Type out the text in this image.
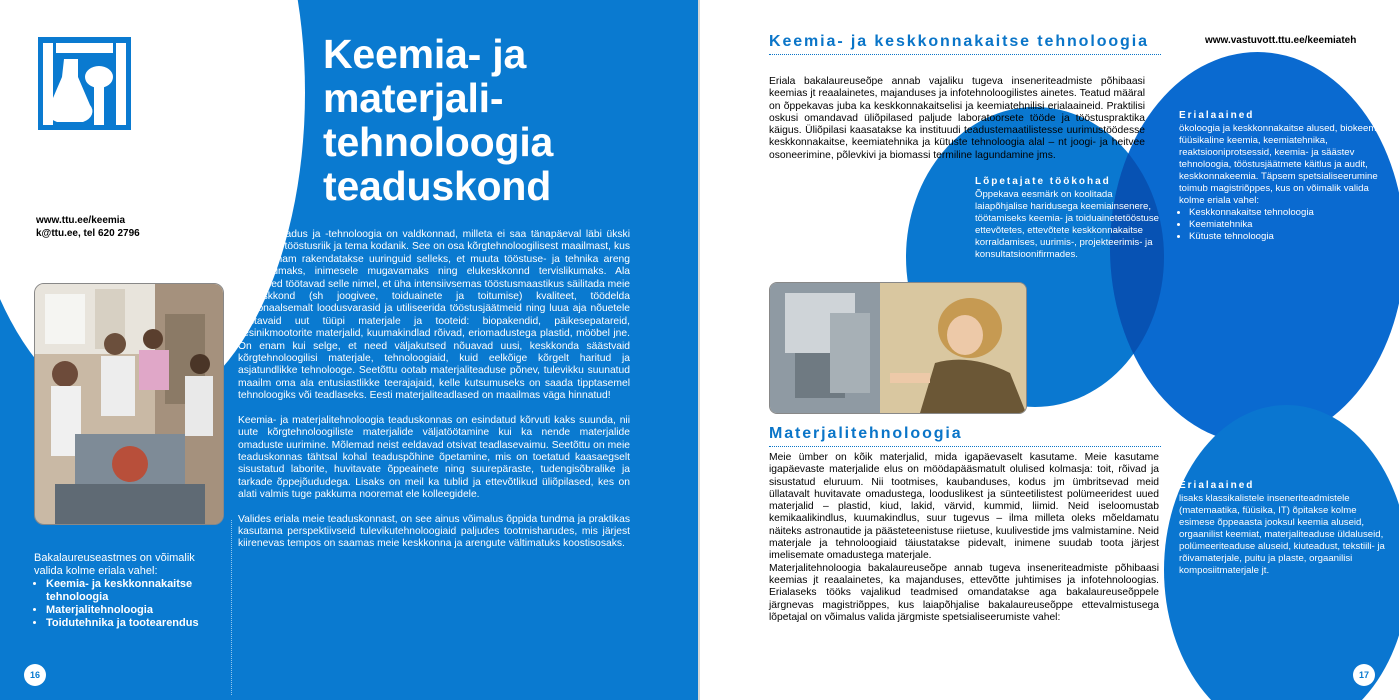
Keemia- ja materjali-tehnoloogia teaduskond
www.ttu.ee/keemia
k@ttu.ee, tel 620 2796
Bakalaureuseastmes on võimalik valida kolme eriala vahel:
• Keemia- ja keskkonnakaitse tehnoloogia
• Materjalitehnoloogia
• Toidutehnika ja tootearendus

Materjaliteadus ja -tehnoloogia on valdkonnad, milleta ei saa tänapäeval läbi ükski arenenud tööstusriik ja tema kodanik. See on osa kõrgtehnoloogilisest maailmast, kus järjest enam rakendatakse uuringuid selleks, et muuta tööstuse- ja tehnika areng säästlikumaks, inimesele mugavamaks ning elukeskkonnd tervislikumaks. Ala teadlased töötavad selle nimel, et üha intensiivsemas tööstusmaastikus säilitada meie elukeskkond (sh joogivee, toiduainete ja toitumise) kvaliteet, töödelda ratsionaalsemalt loodusvarasid ja utiliseerida tööstusjäätmeid ning luua aja nõuetele vastavaid uut tüüpi materjale ja tooteid: biopakendid, päikesepatareid, vesinikmootorite materjalid, kuumakindlad rõivad, eriomadustega plastid, mööbel jne. On enam kui selge, et need väljakutsed nõuavad uusi, keskkonda säästvaid kõrgtehnoloogilisi materjale, tehnoloogiaid, kuid eelkõige kõrgelt haritud ja asjatundlikke tehnolooge. Seetõttu ootab materjaliteaduse põnev, tulevikku suunatud maailm oma ala entusiastlikke teerajajaid, kelle kutsumuseks on saada tipptasemel tehnoloogiks või teadlaseks. Eesti materjaliteadlased on maailmas väga hinnatud!

Keemia- ja materjalitehnoloogia teaduskonnas on esindatud kõrvuti kaks suunda, nii uute kõrgtehnoloogiliste materjalide väljatöötamine kui ka nende materjalide omaduste uurimine. Mõlemad neist eeldavad otsivat teadlasevaimu. Seetõttu on meie teaduskonnas tähtsal kohal teaduspõhine õpetamine, mis on toetatud kaasaegselt sisustatud laborite, huvitavate õppeainete ning suurepäraste, tudengisõbralike ja tarkade õppejõududega. Lisaks on meil ka tublid ja ettevõtlikud üliõpilased, kes on alati valmis tuge pakkuma nooremat ele kolleegidele.

Valides eriala meie teaduskonnast, on see ainus võimalus õppida tundma ja praktikas kasutama perspektiivseid tulevikutehnoloogiaid paljudes tootmisharudes, mis järjest kiirenevas tempos on saamas meie keskkonna ja arengute vältimatuks koostisosaks.

16
Keemia- ja keskkonnakaitse tehnoloogia	www.vastuvott.ttu.ee/keemiateh

Eriala bakalaureuseõpe annab vajaliku tugeva inseneriteadmiste põhibaasi keemias jt reaalainetes, majanduses ja infotehnoloogilistes ainetes. Teatud määral on õppekavas juba ka keskkonnakaitselisi ja keemiatehnilisi erialaaineid. Praktilisi oskusi omandavad üliõpilased paljude laboratoorsete tööde ja tööstuspraktika käigus. Üliõpilasi kaasatakse ka instituudi teadustemaatilistesse uurimustöödesse keskkonnakaitse, keemiatehnika ja kütuste tehnoloogia alal – nt joogi- ja heitvee osoneerimine, põlevkivi ja biomassi termiline lagundamine jms.

Lõpetajate töökohad

Õppekava eesmärk on koolitada laiapõhjalise haridusega keemiainsenere, töötamiseks keemia- ja toiduainetetööstuse ettevõtetes, ettevõtete keskkonnakaitse korraldamises, uurimis-, projekteerimis- ja konsultatsioonifirmades.

Erialaained

ökoloogia ja keskkonnakaitse alused, biokeemia, füüsikaline keemia, keemiatehnika, reaktsiooniprotsessid, keemia- ja säästev tehnoloogia, tööstusjäätmete käitlus ja audit, keskkonnakeemia. Täpsem spetsialiseerumine toimub magistriõppes, kus on võimalik valida kolme eriala vahel:

• Keskkonnakaitse tehnoloogia
• Keemiatehnika
• Kütuste tehnoloogia
Materjalitehnoloogia

Meie ümber on kõik materjalid, mida igapäevaselt kasutame. Meie kasutame igapäevaste materjalide elus on möödapääsmatult olulised kolmasja: toit, rõivad ja sisustatud eluruum. Nii tootmises, kaubanduses, kodus jm ümbritsevad meid üllatavalt huvitavate omadustega, looduslikest ja sünteetilistest polümeeridest uued materjalid – plastid, kiud, lakid, värvid, kummid, liimid. Neid iseloomustab kemikaalikindlus, kuumakindlus, suur tugevus – ilma milleta oleks mõeldamatu näiteks astronautide ja päästeteenistuse riietuse, kuulivestide jms valmistamine. Neid materjale ja tehnoloogiaid täiustatakse pidevalt, inimene suudab toota järjest imelisemate omadustega materjale.

Materjalitehnoloogia bakalaureuseõpe annab tugeva inseneriteadmiste põhibaasi keemias jt reaalainetes, ka majanduses, ettevõtte juhtimises ja infotehnoloogias. Erialaseks tööks vajalikud teadmised omandatakse aga bakalaureuseõppele järgnevas magistriõppes, kus laiapõhjalise bakalaureuseõppe ettevalmistusega lõpetajal on võimalus valida järgmiste spetsialiseerumiste vahel:

Erialaained

lisaks klassikalistele inseneriteadmistele (matemaatika, füüsika, IT) õpitakse kolme esimese õppeaasta jooksul keemia aluseid, orgaanilist keemiat, materjaliteaduse üldaluseid, polümeeriteaduse aluseid, kiuteadust, tekstiili- ja rõivamaterjale, puitu ja plaste, orgaanilisi komposiitmaterjale jt.

17
